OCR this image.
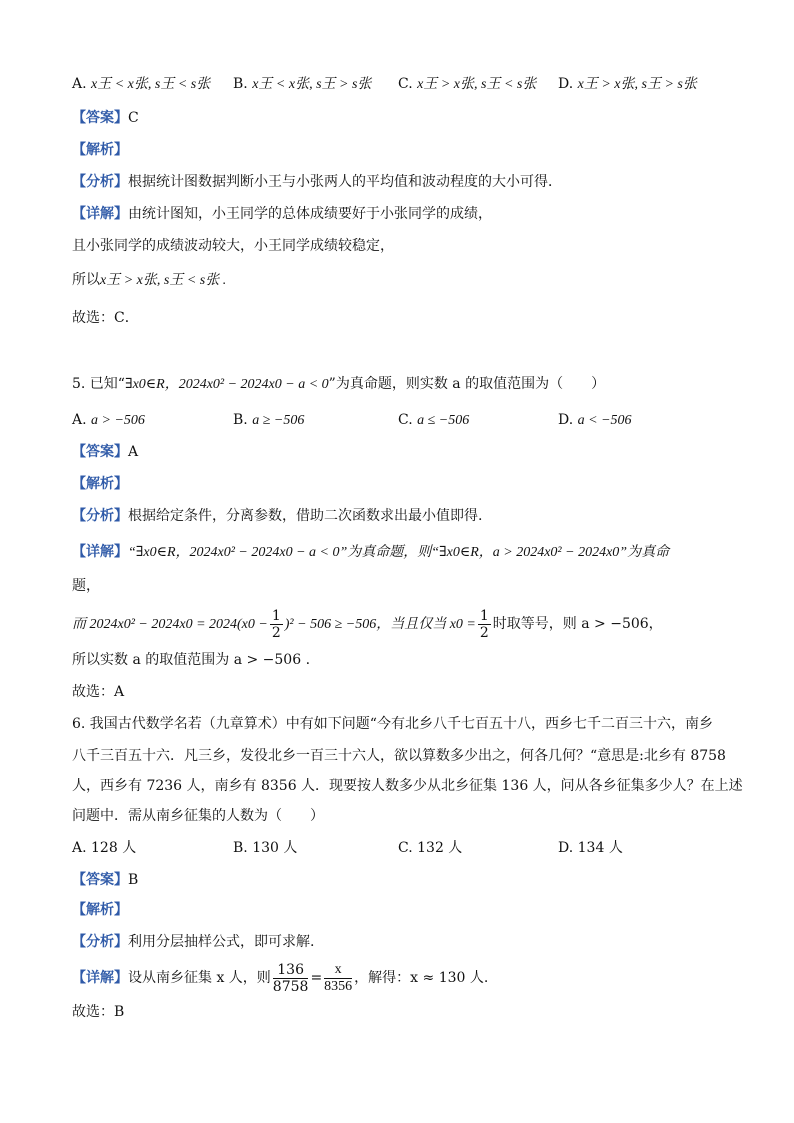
A. x王 < x张, s王 < s张 B. x王 < x张, s王 > s张 C. x王 > x张, s王 < s张 D. x王 > x张, s王 > s张
【答案】C
【解析】
【分析】根据统计图数据判断小王与小张两人的平均值和波动程度的大小可得．
【详解】由统计图知，小王同学的总体成绩要好于小张同学的成绩，
且小张同学的成绩波动较大，小王同学成绩较稳定，
所以x王 > x张, s王 < s张 .
故选：C．
5. 已知“∃x0∈R，2024x0² − 2024x0 − a < 0”为真命题，则实数 a 的取值范围为（　　）
A. a > −506	B. a ≥ −506	C. a ≤ −506	D. a < −506
【答案】A
【解析】
【分析】根据给定条件，分离参数，借助二次函数求出最小值即得.
【详解】“∃x0∈R，2024x0² − 2024x0 − a < 0”为真命题，则“∃x0∈R，a > 2024x0² − 2024x0”为真命
题，
而 $2024x0^2 - 2024x0 = 2024(x0 - \frac{1}{2} )^2 - 506 \ge -506$，当且仅当 $x0 = \frac{1}{2}$ 时取等号，则 a > −506，
所以实数 a 的取值范围为 a > −506 .
故选：A
6. 我国古代数学名若（九章算术）中有如下问题“今有北乡八千七百五十八，西乡七千二百三十六，南乡
八千三百五十六．凡三乡，发役北乡一百三十六人，欲以算数多少出之，何各几何？“意思是:北乡有 8758
人，西乡有 7236 人，南乡有 8356 人．现要按人数多少从北乡征集 136 人，问从各乡征集多少人？在上述
问题中．需从南乡征集的人数为（　　）
A. 128 人	B. 130 人	C. 132 人	D. 134 人
【答案】B
【解析】
【分析】利用分层抽样公式，即可求解.
【详解】设从南乡征集 x 人，则 $\frac{136}{8758} = \frac{x}{8356}$ ，解得：x ≈ 130 人.
故选：B
